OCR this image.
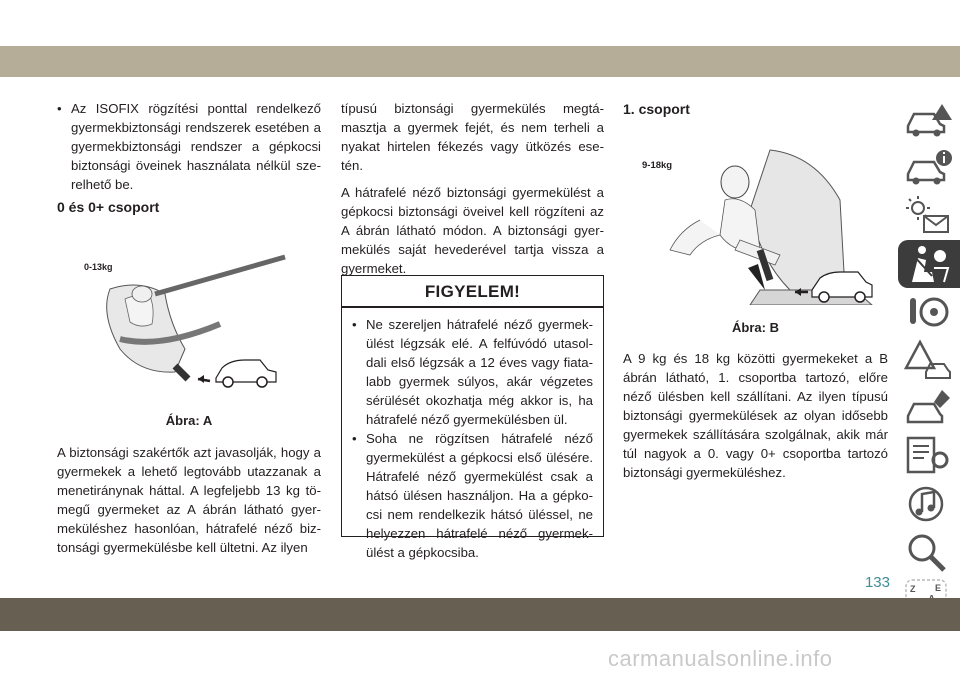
• Az ISOFIX rögzítési ponttal rendelkező gyermekbiztonsági rendszerek esetében a gyermekbiztonsági rendszer a gépkocsi biztonsági öveinek használata nélkül sze-relhető be.
0 és 0+ csoport
0-13kg
Ábra: A

A biztonsági szakértők azt javasolják, hogy a gyermekek a lehető legtovább utazzanak a menetiránynak háttal. A legfeljebb 13 kg tö-megű gyermeket az A ábrán látható gyer-meküléshez hasonlóan, hátrafelé néző biz-tonsági gyermekülésbe kell ültetni. Az ilyen

típusú biztonsági gyermekülés megtá-masztja a gyermek fejét, és nem terheli a nyakat hirtelen fékezés vagy ütközés ese-tén.

A hátrafelé néző biztonsági gyermekülést a gépkocsi biztonsági öveivel kell rögzíteni az A ábrán látható módon. A biztonsági gyer-mekülés saját hevederével tartja vissza a gyermeket.

FIGYELEM!
• Ne szereljen hátrafelé néző gyermek-ülést légzsák elé. A felfúvódó utasol-dali első légzsák a 12 éves vagy fiata-labb gyermek súlyos, akár végzetes sérülését okozhatja még akkor is, ha hátrafelé néző gyermekülésben ül.
• Soha ne rögzítsen hátrafelé néző gyermekülést a gépkocsi első ülésére. Hátrafelé néző gyermekülést csak a hátsó ülésen használjon. Ha a gépko-csi nem rendelkezik hátsó üléssel, ne helyezzen hátrafelé néző gyermek-ülést a gépkocsiba.
1. csoport
9-18kg
Ábra: B

A 9 kg és 18 kg közötti gyermekeket a B ábrán látható, 1. csoportba tartozó, előre néző ülésben kell szállítani. Az ilyen típusú biztonsági gyermekülések az olyan idősebb gyermekek szállítására szolgálnak, akik már túl nagyok a 0. vagy 0+ csoportba tartozó biztonsági gyermeküléshez.

Z E
133
carmanualsonline.info
